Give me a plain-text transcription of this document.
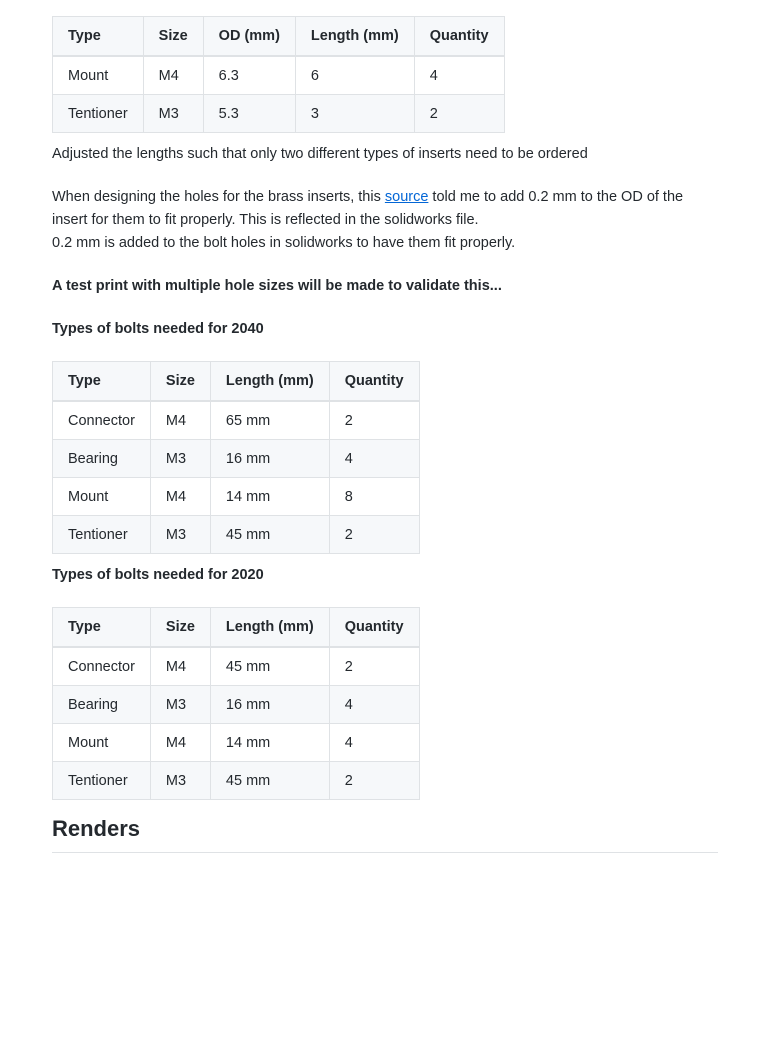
Type	Size	OD (mm)	Length (mm)	Quantity
Mount	M4	6.3	6	4
Tentioner	M3	5.3	3	2

Adjusted the lengths such that only two different types of inserts need to be ordered

When designing the holes for the brass inserts, this source told me to add 0.2 mm to the OD of the insert for them to fit properly. This is reflected in the solidworks file.
0.2 mm is added to the bolt holes in solidworks to have them fit properly.

A test print with multiple hole sizes will be made to validate this...

Types of bolts needed for 2040

Type	Size	Length (mm)	Quantity
Connector	M4	65 mm	2
Bearing	M3	16 mm	4
Mount	M4	14 mm	8
Tentioner	M3	45 mm	2

Types of bolts needed for 2020

Type	Size	Length (mm)	Quantity
Connector	M4	45 mm	2
Bearing	M3	16 mm	4
Mount	M4	14 mm	4
Tentioner	M3	45 mm	2
Renders
